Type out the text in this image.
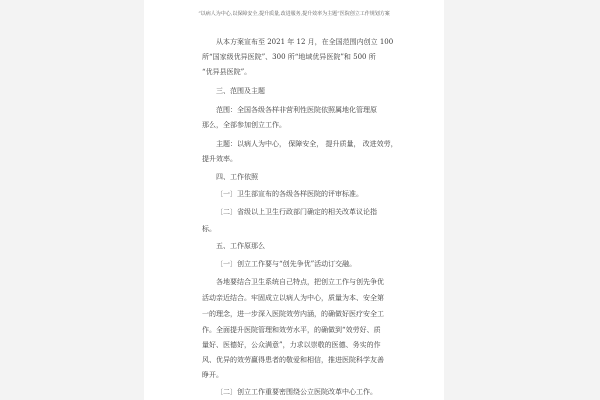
“以病人为中心,以保障安全,提升质量,改进服务,提升效率为主题”医院创立工作规划方案
从本方案宣布至 2021 年 12 月，在全国范围内创立 100
所“国家级优异医院”、300 所“地域优异医院”和 500 所
“优异县医院”。
三、范围及主题
范围：全国各级各样非营利性医院依照属地化管理原
那么，全部参加创立工作。
主题：以病人为中心， 保障安全， 提升质量， 改进效劳，
提升效率。
四、工作依照
〔一〕卫生部宣布的各级各样医院的评审标准。
〔二〕省级以上卫生行政部门确定的相关改革议论指
标。
五、工作原那么
〔一〕创立工作要与“创先争优”活动订交融。
各地要结合卫生系统自己特点，把创立工作与创先争优
活动亲近结合。牢固成立以病人为中心，质量为本、安全第
一的理念，进一步深入医院效劳内涵，的确做好医疗安全工
作。全面提升医院管理和效劳水平，的确做到“效劳好、质
量好、医德好，公众满意”，力求以崇敬的医德、务实的作
风、优异的效劳赢得患者的敬爱和相信，推进医院科学友善
睁开。
〔二〕创立工作重要密围绕公立医院改革中心工作。
